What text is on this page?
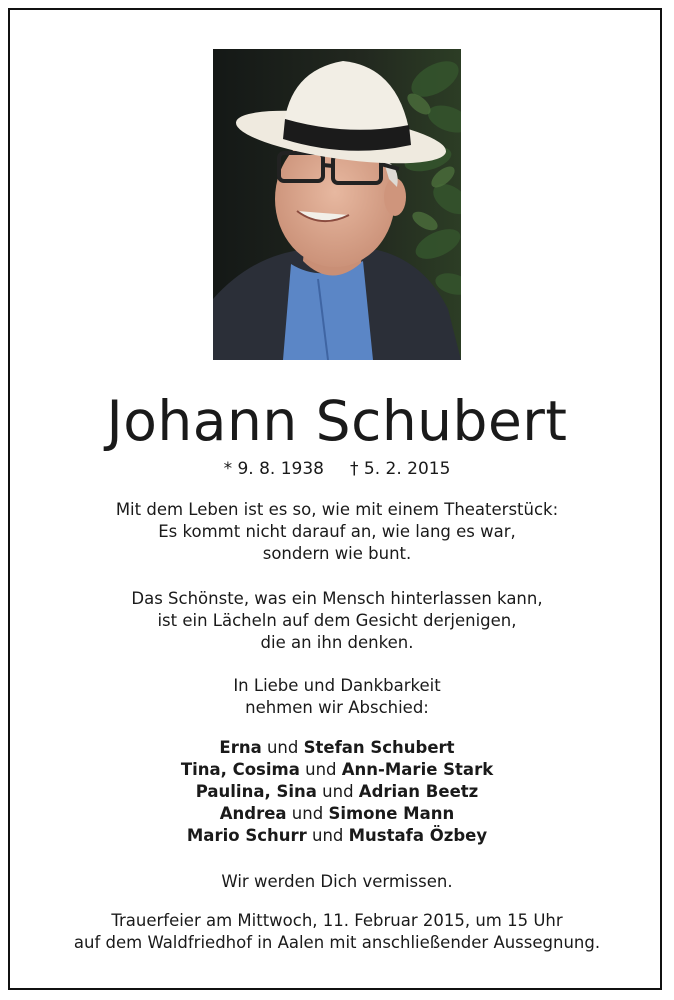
Johann Schubert
* 9. 8. 1938 † 5. 2. 2015
Mit dem Leben ist es so, wie mit einem Theaterstück:
Es kommt nicht darauf an, wie lang es war,
sondern wie bunt.
Das Schönste, was ein Mensch hinterlassen kann,
ist ein Lächeln auf dem Gesicht derjenigen,
die an ihn denken.
In Liebe und Dankbarkeit
nehmen wir Abschied:
Erna und Stefan Schubert
Tina, Cosima und Ann-Marie Stark
Paulina, Sina und Adrian Beetz
Andrea und Simone Mann
Mario Schurr und Mustafa Özbey
Wir werden Dich vermissen.
Trauerfeier am Mittwoch, 11. Februar 2015, um 15 Uhr
auf dem Waldfriedhof in Aalen mit anschließender Aussegnung.
